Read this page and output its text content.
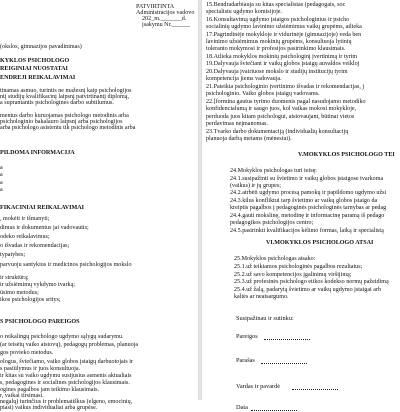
PATVIRTINTA
Administracijos vadovo
202_m._______d.
įsakymu Nr.______
(okslos, gimnazijos pavadinimas)
KYKLOS PSICHOLOGO
REIGINIAI NUOSTATAI
ENDREJI REIKALAVIMAI
tinamas asmuo, turintis ne mažesnį kaip psichologijos
ntį studijų kvalifikacinį laipsnį patvirtinantį diplomą,
a suprantantis psichologines darbo subtilumus.
mentus darbo kuruojamas psichologo metodinis arba
psichologinio bakalauro laipsnį arba psichologijos
arba psichologo asistentu tik psichologo metodinis arba
PILDOMA INFORMACIJA
a
a
a
a
FIKACINIAI REIKALAVIMAI
, mokėti ir išmanyti;
dimus ir dokumentus jai vadovautis;
odeko reikalavimus;
o išvadas ir rekomendacijas;
typatybes;
parvuoju santykius ir medicinos psichologijos mokslo
ir struktūrą;
ir užsiėmimų vykdymo tvarką;
ūsimo metodus;
ikos psichologijos sritys;
S PSICHOLOGO PAREIGOS
o reikalingų psichologo ugdymo sąlygų sudarymu.
(ar teisėtų vaiko atstovų), pedagogų problemas, planuoja
gos povieko metodus.
ologus, šviečiamo, vaiko globos įstaigų darbuotojais ir
s pasiūlymus ir juos konsultuoja.
ir kitas su vaiko ugdymu susijusius asmenis aktualiais
s, pedagogines ir socialines psichologijos klausimais.
ogines pagalbos jam teikimo klausimais.
r, vaikai tirsimasi.
negalų) turinčius ir problematiškus (elgeno, emocinių,
piasi) vaikus individualiai arba grupėse.
15.Bendradarbiauja su kitas specialistas (pedagogais, soc
specialistu ugdymo komisijoje.
16.Konsultavimą ugdymo įstaigos psichologinius ir psicho
socialinių ugdymo lavinimo užsiėmimus vaikų grupėms, atlieka
17.Pagrindinėje mokykloje ir vidurinėje (gimnazijoje) veda ben
lavinimo užsiėmimus mokinių grupėms, konsultuoja lytinių
toleranto mokymosi ir profesijos pasirinkimo klausimais.
18.Atlieka mokyklos mokinių psichologinį įvertinimą ir tyrim
19.Dalyvauja šviečiant ir vaikų globos įstaigų auvaldos veikloj
20.Dalyvauja įvairiuose mokslo ir studijų institucijų tyrim
kompetencija jiems vadovauja.
21.Pateikia psichologinio įvertinimo išvadas ir rekomendacijas, j
psichologinio. Vaiko globos įstaigų vadovams.
22.[formina gautus tyrimo duomenis pagal nasudojamo metodiko
konfidencialumą ir saugo juos, kol vaikas mokosi mokykloje,
perduoda juos kitam psichologui, atstovaujant, būtinai vietos
perdavimas neįmanomas.
23.Tvarko darbo dokumentaciją (individualių konsultacijų
planuoja darbą metams (mėnesiui).
V.MOKYKLOS PSICHOLOGO TEI
24.Mokyklos psichologas turi teisę:
24.1.susipažinti su švietimo ir vaikų globos įstaigose tvarkoma
(vaikus) ir jų grupes;
24.2.atrbėti ugdymo procesą pamokų ir papildomo ugdymo užsi
24.3.kilus konfliktui tarp švietimo ar vaikų globos įstaigo da
kreiptis pagalbos į pedagoginės psichologinės tarnybas ar pedag
24.4.gauti mokslinę, metodinę ir informacinę paramą iš pedago
pedagogikos psichologijos centro;
24.5.pasirinkti kvalifikacijos kėlimo formas, laiką ir specialistą
VI.MOKYKLOS PSICHOLOGO ATSAI
25.Mokyklos psichologas atsako:
25.1.už teikiamos psichologinės pagalbos rezultatus;
25.2.už savo kompetencijos įgalinimų viršijimą;
25.3.už profesinės psichologo etikos kodekso normų pažeidimą
25.4.už žalą, padarytą švietimo ar vaikų ugdymo įstaigai arb
kaltės ar neatsargumo.
Susipažinau ir sutinku:
Pareigos
Parašas
Vardas ir pavardė
Data
